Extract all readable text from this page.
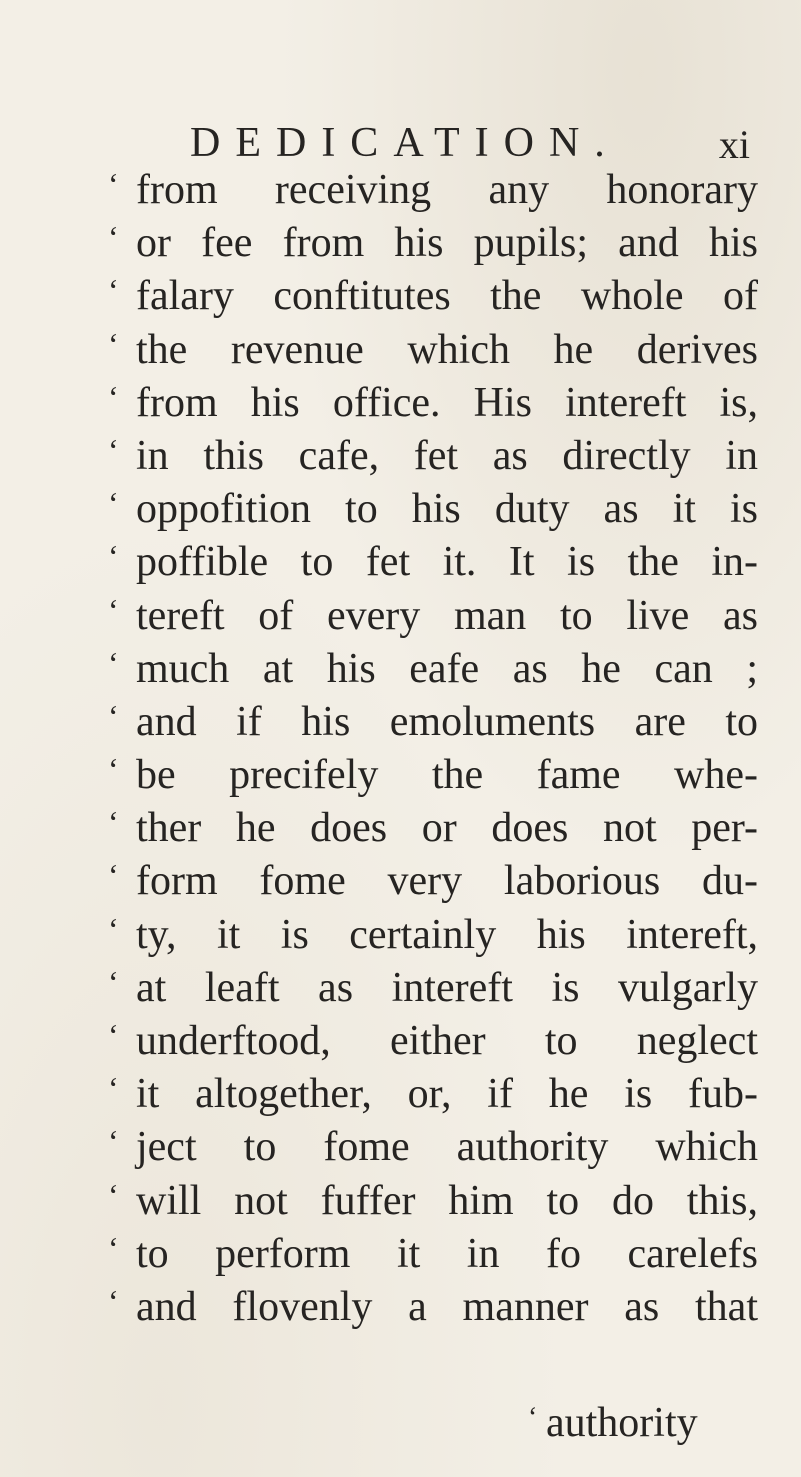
DEDICATION. xi
‘ from receiving any honorary
‘ or fee from his pupils; and his
‘ falary conftitutes the whole of
‘ the revenue which he derives
‘ from his office. His intereft is,
‘ in this cafe, fet as directly in
‘ oppofition to his duty as it is
‘ poffible to fet it. It is the in-
‘ tereft of every man to live as
‘ much at his eafe as he can ;
‘ and if his emoluments are to
‘ be precifely the fame whe-
‘ ther he does or does not per-
‘ form fome very laborious du-
‘ ty, it is certainly his intereft,
‘ at leaft as intereft is vulgarly
‘ underftood, either to neglect
‘ it altogether, or, if he is fub-
‘ ject to fome authority which
‘ will not fuffer him to do this,
‘ to perform it in fo carelefs
‘ and flovenly a manner as that
‘ authority
